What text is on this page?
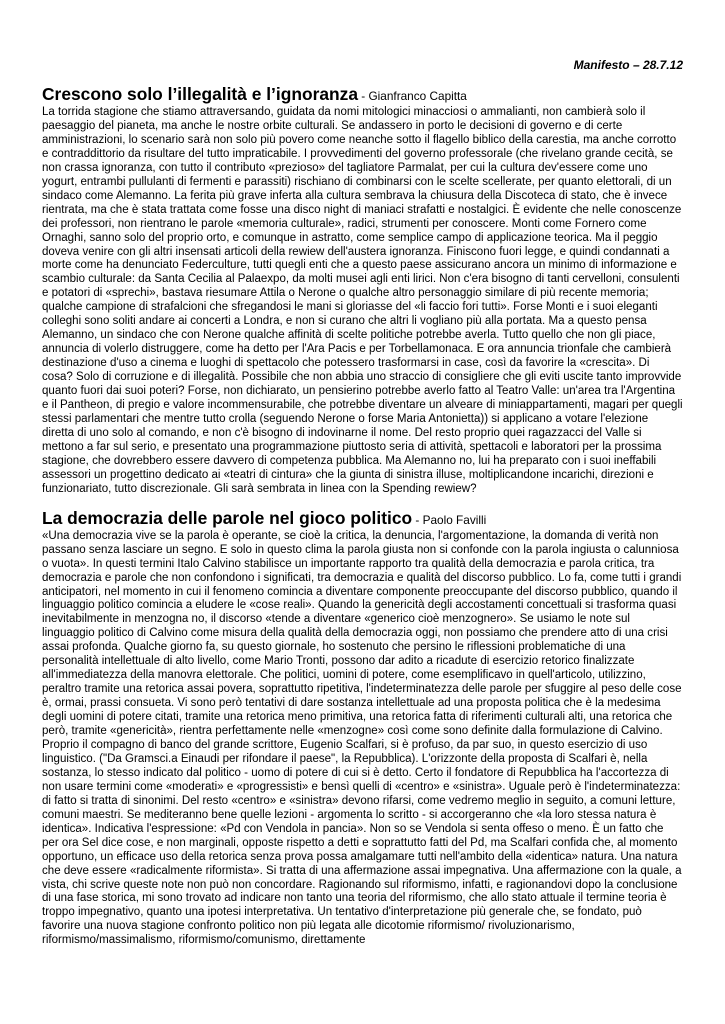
Manifesto – 28.7.12

Crescono solo l’illegalità e l’ignoranza - Gianfranco Capitta

La torrida stagione che stiamo attraversando, guidata da nomi mitologici minacciosi o ammalianti, non cambierà solo il paesaggio del pianeta, ma anche le nostre orbite culturali. Se andassero in porto le decisioni di governo e di certe amministrazioni, lo scenario sarà non solo più povero come neanche sotto il flagello biblico della carestia, ma anche corrotto e contraddittorio da risultare del tutto impraticabile. I provvedimenti del governo professorale (che rivelano grande cecità, se non crassa ignoranza, con tutto il contributo «prezioso» del tagliatore Parmalat, per cui la cultura dev'essere come uno yogurt, entrambi pullulanti di fermenti e parassiti) rischiano di combinarsi con le scelte scellerate, per quanto elettorali, di un sindaco come Alemanno. La ferita più grave inferta alla cultura sembrava la chiusura della Discoteca di stato, che è invece rientrata, ma che è stata trattata come fosse una disco night di maniaci strafatti e nostalgici. È evidente che nelle conoscenze dei professori, non rientrano le parole «memoria culturale», radici, strumenti per conoscere. Monti come Fornero come Ornaghi, sanno solo del proprio orto, e comunque in astratto, come semplice campo di applicazione teorica. Ma il peggio doveva venire con gli altri insensati articoli della rewiew dell'austera ignoranza. Finiscono fuori legge, e quindi condannati a morte come ha denunciato Federculture, tutti quegli enti che a questo paese assicurano ancora un minimo di informazione e scambio culturale: da Santa Cecilia al Palaexpo, da molti musei agli enti lirici. Non c'era bisogno di tanti cervelloni, consulenti e potatori di «sprechi», bastava riesumare Attila o Nerone o qualche altro personaggio similare di più recente memoria; qualche campione di strafalcioni che sfregandosi le mani si gloriasse del «li faccio fori tutti». Forse Monti e i suoi eleganti colleghi sono soliti andare ai concerti a Londra, e non si curano che altri li vogliano più alla portata. Ma a questo pensa Alemanno, un sindaco che con Nerone qualche affinità di scelte politiche potrebbe averla. Tutto quello che non gli piace, annuncia di volerlo distruggere, come ha detto per l'Ara Pacis e per Torbellamonaca. E ora annuncia trionfale che cambierà destinazione d'uso a cinema e luoghi di spettacolo che potessero trasformarsi in case, così da favorire la «crescita». Di cosa? Solo di corruzione e di illegalità. Possibile che non abbia uno straccio di consigliere che gli eviti uscite tanto improvvide quanto fuori dai suoi poteri? Forse, non dichiarato, un pensierino potrebbe averlo fatto al Teatro Valle: un'area tra l'Argentina e il Pantheon, di pregio e valore incommensurabile, che potrebbe diventare un alveare di miniappartamenti, magari per quegli stessi parlamentari che mentre tutto crolla (seguendo Nerone o forse Maria Antonietta)) si applicano a votare l'elezione diretta di uno solo al comando, e non c'è bisogno di indovinarne il nome. Del resto proprio quei ragazzacci del Valle si mettono a far sul serio, e presentato una programmazione piuttosto seria di attività, spettacoli e laboratori per la prossima stagione, che dovrebbero essere davvero di competenza pubblica. Ma Alemanno no, lui ha preparato con i suoi ineffabili assessori un progettino dedicato ai «teatri di cintura» che la giunta di sinistra illuse, moltiplicandone incarichi, direzioni e funzionariato, tutto discrezionale. Gli sarà sembrata in linea con la Spending rewiew?

La democrazia delle parole nel gioco politico - Paolo Favilli

«Una democrazia vive se la parola è operante, se cioè la critica, la denuncia, l'argomentazione, la domanda di verità non passano senza lasciare un segno. E solo in questo clima la parola giusta non si confonde con la parola ingiusta o calunniosa o vuota». In questi termini Italo Calvino stabilisce un importante rapporto tra qualità della democrazia e parola critica, tra democrazia e parole che non confondono i significati, tra democrazia e qualità del discorso pubblico. Lo fa, come tutti i grandi anticipatori, nel momento in cui il fenomeno comincia a diventare componente preoccupante del discorso pubblico, quando il linguaggio politico comincia a eludere le «cose reali». Quando la genericità degli accostamenti concettuali si trasforma quasi inevitabilmente in menzogna no, il discorso «tende a diventare «generico cioè menzognero». Se usiamo le note sul linguaggio politico di Calvino come misura della qualità della democrazia oggi, non possiamo che prendere atto di una crisi assai profonda. Qualche giorno fa, su questo giornale, ho sostenuto che persino le riflessioni problematiche di una personalità intellettuale di alto livello, come Mario Tronti, possono dar adito a ricadute di esercizio retorico finalizzate all'immediatezza della manovra elettorale. Che politici, uomini di potere, come esemplificavo in quell'articolo, utilizzino, peraltro tramite una retorica assai povera, soprattutto ripetitiva, l'indeterminatezza delle parole per sfuggire al peso delle cose è, ormai, prassi consueta. Vi sono però tentativi di dare sostanza intellettuale ad una proposta politica che è la medesima degli uomini di potere citati, tramite una retorica meno primitiva, una retorica fatta di riferimenti culturali alti, una retorica che però, tramite «genericità», rientra perfettamente nelle «menzogne» così come sono definite dalla formulazione di Calvino. Proprio il compagno di banco del grande scrittore, Eugenio Scalfari, si è profuso, da par suo, in questo esercizio di uso linguistico. ("Da Gramsci.a Einaudi per rifondare il paese", la Repubblica). L'orizzonte della proposta di Scalfari è, nella sostanza, lo stesso indicato dal politico - uomo di potere di cui si è detto. Certo il fondatore di Repubblica ha l'accortezza di non usare termini come «moderati» e «progressisti» e bensì quelli di «centro» e «sinistra». Uguale però è l'indeterminatezza: di fatto si tratta di sinonimi. Del resto «centro» e «sinistra» devono rifarsi, come vedremo meglio in seguito, a comuni letture, comuni maestri. Se mediteranno bene quelle lezioni - argomenta lo scritto - si accorgeranno che «la loro stessa natura è identica». Indicativa l'espressione: «Pd con Vendola in pancia». Non so se Vendola si senta offeso o meno. È un fatto che per ora Sel dice cose, e non marginali, opposte rispetto a detti e soprattutto fatti del Pd, ma Scalfari confida che, al momento opportuno, un efficace uso della retorica senza prova possa amalgamare tutti nell'ambito della «identica» natura. Una natura che deve essere «radicalmente riformista». Si tratta di una affermazione assai impegnativa. Una affermazione con la quale, a vista, chi scrive queste note non può non concordare. Ragionando sul riformismo, infatti, e ragionandovi dopo la conclusione di una fase storica, mi sono trovato ad indicare non tanto una teoria del riformismo, che allo stato attuale il termine teoria è troppo impegnativo, quanto una ipotesi interpretativa. Un tentativo d'interpretazione più generale che, se fondato, può favorire una nuova stagione confronto politico non più legata alle dicotomie riformismo/ rivoluzionarismo, riformismo/massimalismo, riformismo/comunismo, direttamente
